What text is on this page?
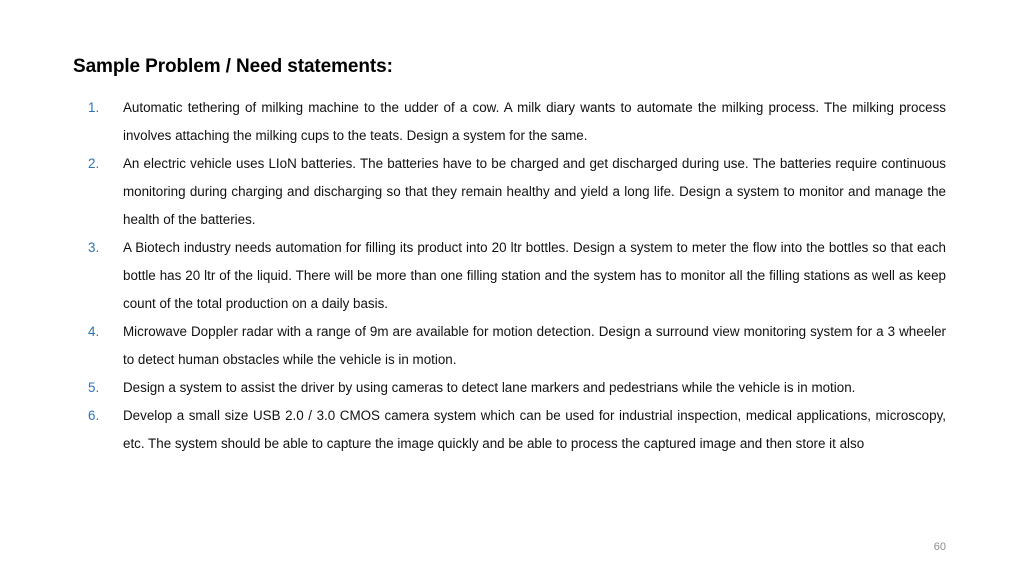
Sample Problem / Need statements:
1.	Automatic tethering of milking machine to the udder of a cow. A milk diary wants to automate the milking process. The milking process involves attaching the milking cups to the teats. Design a system for the same.
2.	An electric vehicle uses LIoN batteries. The batteries have to be charged and get discharged during use. The batteries require continuous monitoring during charging and discharging so that they remain healthy and yield a long life. Design a system to monitor and manage the health of the batteries.
3.	A Biotech industry needs automation for filling its product into 20 ltr bottles. Design a system to meter the flow into the bottles so that each bottle has 20 ltr of the liquid. There will be more than one filling station and the system has to monitor all the filling stations as well as keep count of the total production on a daily basis.
4.	Microwave Doppler radar with a range of 9m are available for motion detection. Design a surround view monitoring system for a 3 wheeler to detect human obstacles while the vehicle is in motion.
5.	Design a system to assist the driver by using cameras to detect lane markers and pedestrians while the vehicle is in motion.
6.	Develop a small size USB 2.0 / 3.0 CMOS camera system which can be used for industrial inspection, medical applications, microscopy, etc. The system should be able to capture the image quickly and be able to process the captured image and then store it also
60
